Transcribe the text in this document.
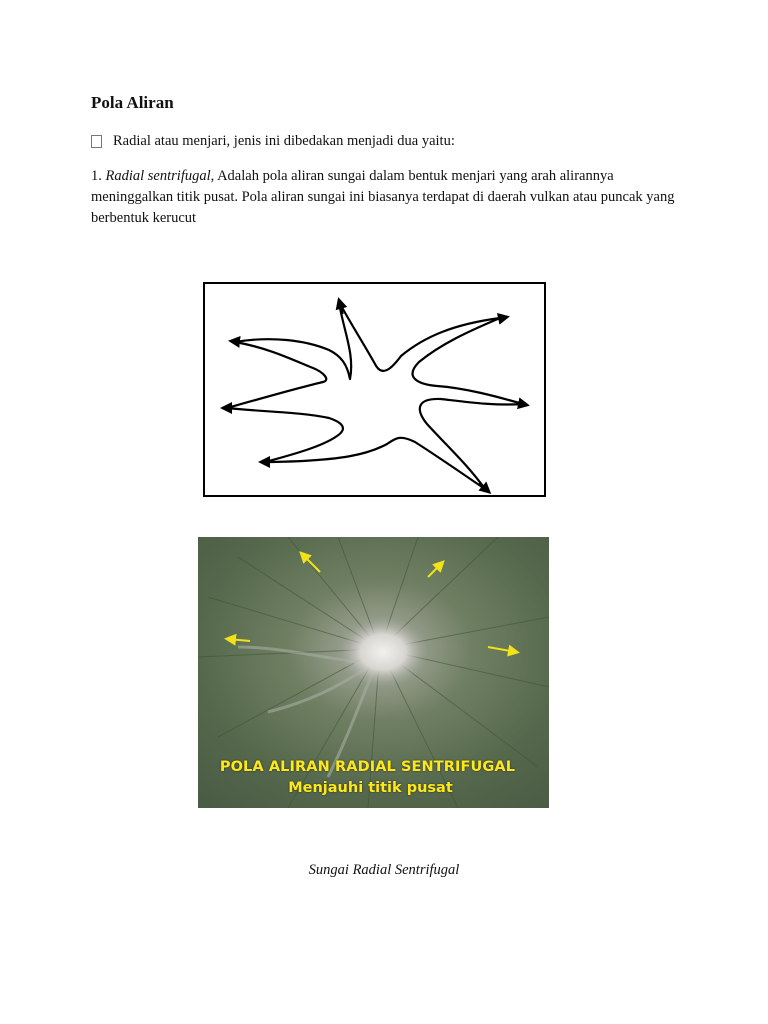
Pola Aliran
Radial atau menjari, jenis ini dibedakan menjadi dua yaitu:

1. Radial sentrifugal, Adalah pola aliran sungai dalam bentuk menjari yang arah alirannya meninggalkan titik pusat. Pola aliran sungai ini biasanya terdapat di daerah vulkan atau puncak yang berbentuk kerucut

POLA ALIRAN RADIAL SENTRIFUGAL
Menjauhi titik pusat
Sungai Radial Sentrifugal
